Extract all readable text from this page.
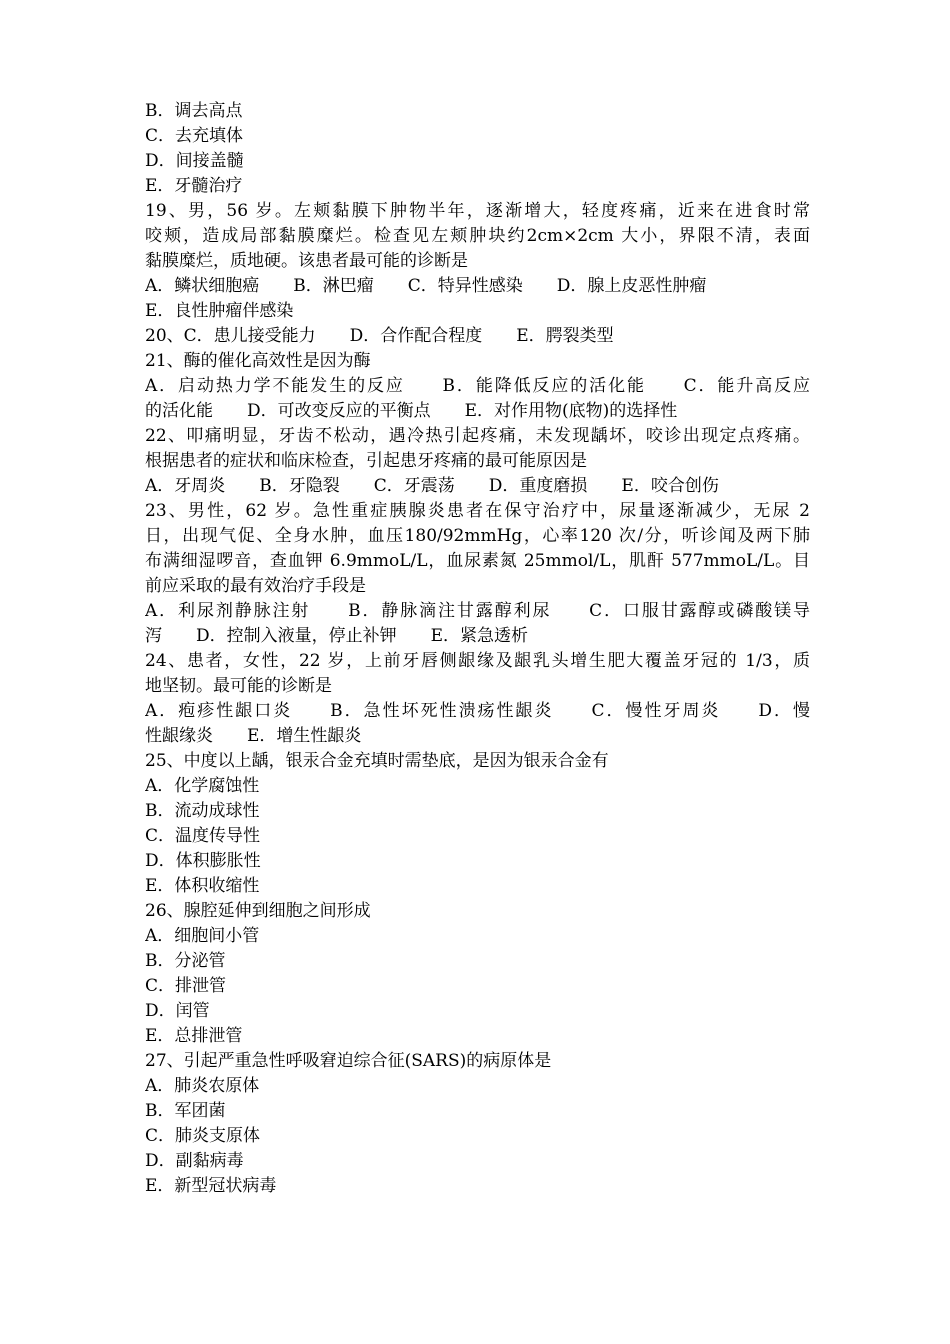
B．调去高点
C．去充填体
D．间接盖髓
E．牙髓治疗
19、男，56 岁。左颊黏膜下肿物半年，逐渐增大，轻度疼痛，近来在进食时常
咬颊，造成局部黏膜糜烂。检查见左颊肿块约2cm×2cm 大小，界限不清，表面
黏膜糜烂，质地硬。该患者最可能的诊断是
A．鳞状细胞癌　　B．淋巴瘤　　C．特异性感染　　D．腺上皮恶性肿瘤
E．良性肿瘤伴感染
20、C．患儿接受能力　　D．合作配合程度　　E．腭裂类型
21、酶的催化高效性是因为酶
A．启动热力学不能发生的反应　　B．能降低反应的活化能　　C．能升高反应
的活化能　　D．可改变反应的平衡点　　E．对作用物(底物)的选择性
22、叩痛明显，牙齿不松动，遇冷热引起疼痛，未发现龋坏，咬诊出现定点疼痛。
根据患者的症状和临床检查，引起患牙疼痛的最可能原因是
A．牙周炎　　B．牙隐裂　　C．牙震荡　　D．重度磨损　　E．咬合创伤
23、男性，62 岁。急性重症胰腺炎患者在保守治疗中，尿量逐渐减少，无尿 2
日，出现气促、全身水肿，血压180/92mmHg，心率120 次/分，听诊闻及两下肺
布满细湿啰音，查血钾 6.9mmoL/L，血尿素氮 25mmol/L，肌酐 577mmoL/L。目
前应采取的最有效治疗手段是
A．利尿剂静脉注射　　B．静脉滴注甘露醇利尿　　C．口服甘露醇或磷酸镁导
泻　　D．控制入液量，停止补钾　　E．紧急透析
24、患者，女性，22 岁，上前牙唇侧龈缘及龈乳头增生肥大覆盖牙冠的 1/3，质
地坚韧。最可能的诊断是
A．疱疹性龈口炎　　B．急性坏死性溃疡性龈炎　　C．慢性牙周炎　　D．慢
性龈缘炎　　E．增生性龈炎
25、中度以上龋，银汞合金充填时需垫底，是因为银汞合金有
A．化学腐蚀性
B．流动成球性
C．温度传导性
D．体积膨胀性
E．体积收缩性
26、腺腔延伸到细胞之间形成
A．细胞间小管
B．分泌管
C．排泄管
D．闰管
E．总排泄管
27、引起严重急性呼吸窘迫综合征(SARS)的病原体是
A．肺炎农原体
B．军团菌
C．肺炎支原体
D．副黏病毒
E．新型冠状病毒
